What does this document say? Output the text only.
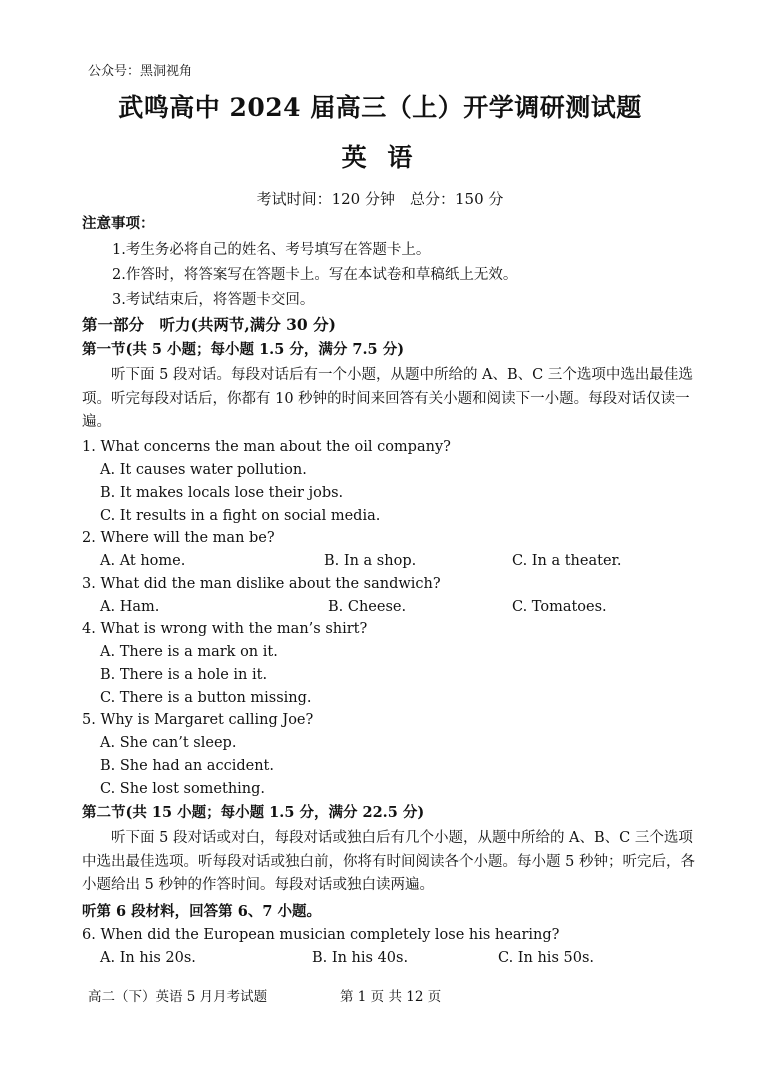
公众号：黑洞视角
武鸣高中 2024 届高三（上）开学调研测试题
英 语
考试时间：120 分钟　总分：150 分
注意事项：
1.考生务必将自己的姓名、考号填写在答题卡上。
2.作答时，将答案写在答题卡上。写在本试卷和草稿纸上无效。
3.考试结束后，将答题卡交回。
第一部分　听力(共两节,满分 30 分)
第一节(共 5 小题；每小题 1.5 分，满分 7.5 分)
听下面 5 段对话。每段对话后有一个小题，从题中所给的 A、B、C 三个选项中选出最佳选项。听完每段对话后，你都有 10 秒钟的时间来回答有关小题和阅读下一小题。每段对话仅读一遍。
1. What concerns the man about the oil company?
A. It causes water pollution.
B. It makes locals lose their jobs.
C. It results in a fight on social media.
2. Where will the man be?
A. At home.	B. In a shop.	C. In a theater.
3. What did the man dislike about the sandwich?
A. Ham.	B. Cheese.	C. Tomatoes.
4. What is wrong with the man’s shirt?
A. There is a mark on it.
B. There is a hole in it.
C. There is a button missing.
5. Why is Margaret calling Joe?
A. She can’t sleep.
B. She had an accident.
C. She lost something.
第二节(共 15 小题；每小题 1.5 分，满分 22.5 分)
听下面 5 段对话或对白，每段对话或独白后有几个小题，从题中所给的 A、B、C 三个选项中选出最佳选项。听每段对话或独白前，你将有时间阅读各个小题。每小题 5 秒钟；听完后，各小题给出 5 秒钟的作答时间。每段对话或独白读两遍。
听第 6 段材料，回答第 6、7 小题。
6. When did the European musician completely lose his hearing?
A. In his 20s.	B. In his 40s.	C. In his 50s.
高二（下）英语 5 月月考试题	第 1 页 共 12 页
